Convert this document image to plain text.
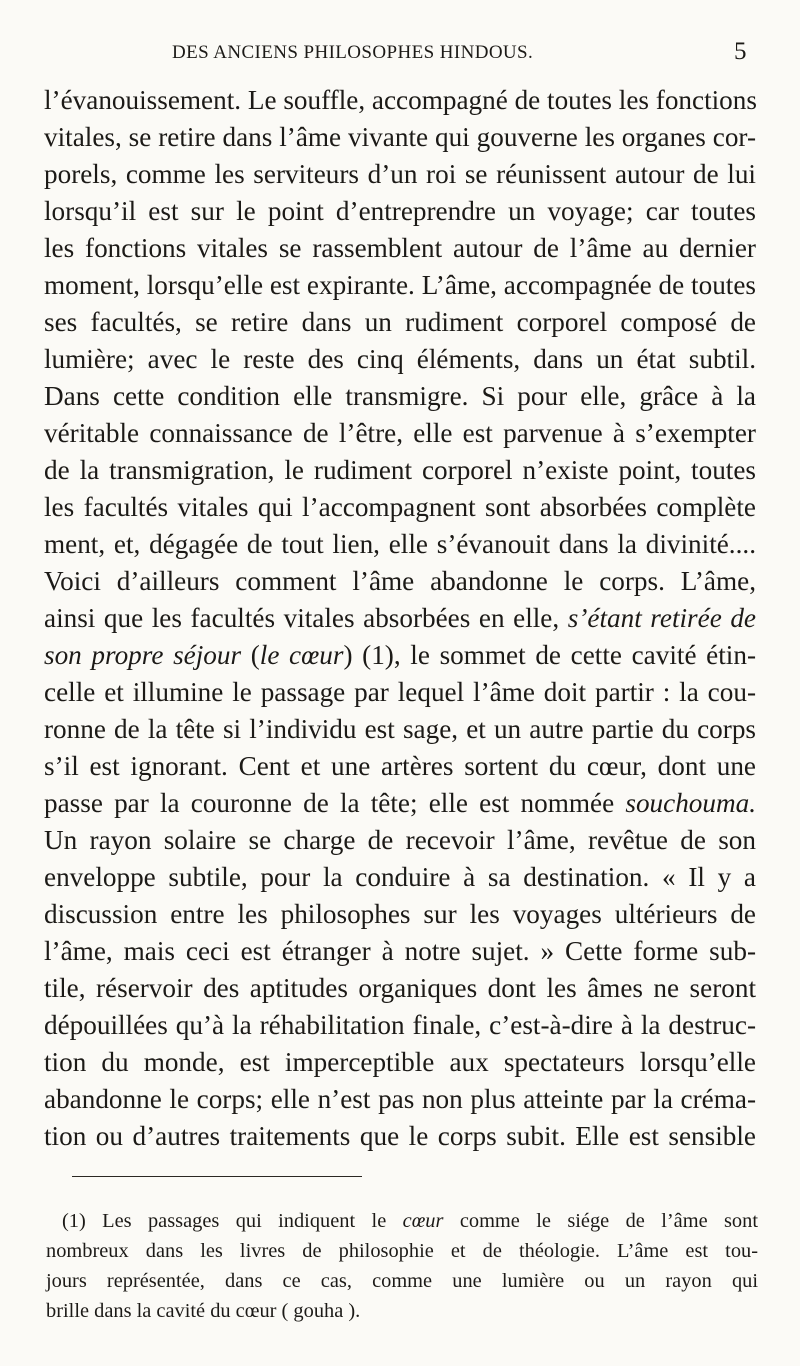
DES ANCIENS PHILOSOPHES HINDOUS.	5
l’évanouissement. Le souffle, accompagné de toutes les fonctions
vitales, se retire dans l’âme vivante qui gouverne les organes cor-
porels, comme les serviteurs d’un roi se réunissent autour de lui
lorsqu’il est sur le point d’entreprendre un voyage; car toutes
les fonctions vitales se rassemblent autour de l’âme au dernier
moment, lorsqu’elle est expirante. L’âme, accompagnée de toutes
ses facultés, se retire dans un rudiment corporel composé de
lumière; avec le reste des cinq éléments, dans un état subtil.
Dans cette condition elle transmigre. Si pour elle, grâce à la
véritable connaissance de l’être, elle est parvenue à s’exempter
de la transmigration, le rudiment corporel n’existe point, toutes
les facultés vitales qui l’accompagnent sont absorbées complète
ment, et, dégagée de tout lien, elle s’évanouit dans la divinité....
Voici d’ailleurs comment l’âme abandonne le corps. L’âme,
ainsi que les facultés vitales absorbées en elle, s’étant retirée de
son propre séjour (le cœur) (1), le sommet de cette cavité étin-
celle et illumine le passage par lequel l’âme doit partir : la cou-
ronne de la tête si l’individu est sage, et un autre partie du corps
s’il est ignorant. Cent et une artères sortent du cœur, dont une
passe par la couronne de la tête; elle est nommée souchouma.
Un rayon solaire se charge de recevoir l’âme, revêtue de son
enveloppe subtile, pour la conduire à sa destination. « Il y a
discussion entre les philosophes sur les voyages ultérieurs de
l’âme, mais ceci est étranger à notre sujet. » Cette forme sub-
tile, réservoir des aptitudes organiques dont les âmes ne seront
dépouillées qu’à la réhabilitation finale, c’est-à-dire à la destruc-
tion du monde, est imperceptible aux spectateurs lorsqu’elle
abandonne le corps; elle n’est pas non plus atteinte par la créma-
tion ou d’autres traitements que le corps subit. Elle est sensible
(1) Les passages qui indiquent le cœur comme le siége de l’âme sont
nombreux dans les livres de philosophie et de théologie. L’âme est tou-
jours représentée, dans ce cas, comme une lumière ou un rayon qui
brille dans la cavité du cœur ( gouha ).
